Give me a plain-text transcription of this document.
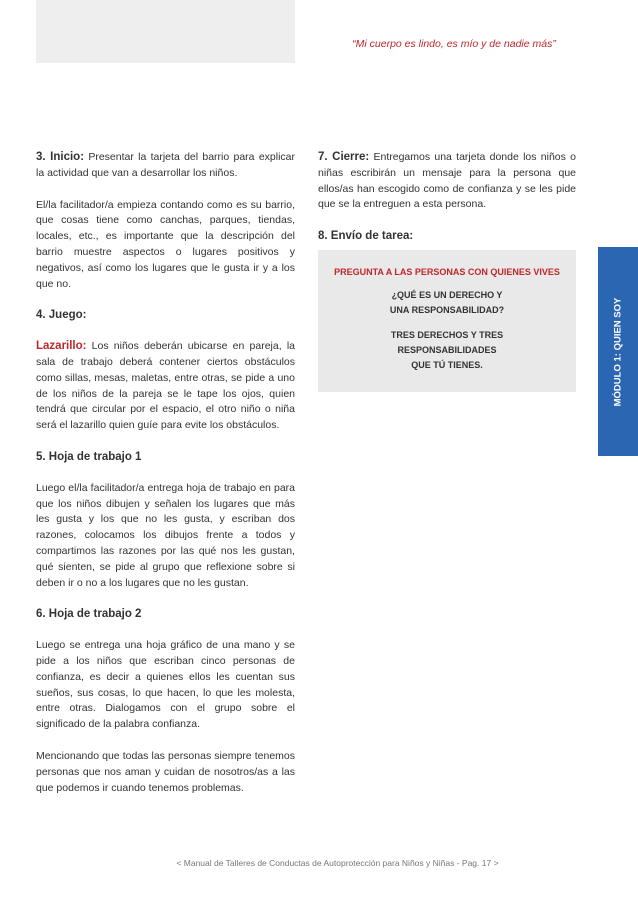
“Mi cuerpo es lindo, es mío y de nadie más”

3. Inicio: Presentar la tarjeta del barrio para explicar la actividad que van a desarrollar los niños.

El/la facilitador/a empieza contando como es su barrio, que cosas tiene como canchas, parques, tiendas, locales, etc., es importante que la descripción del barrio muestre aspectos o lugares positivos y negativos, así como los lugares que le gusta ir y a los que no.

4. Juego:

Lazarillo: Los niños deberán ubicarse en pareja, la sala de trabajo deberá contener ciertos obstáculos como sillas, mesas, maletas, entre otras, se pide a uno de los niños de la pareja se le tape los ojos, quien tendrá que circular por el espacio, el otro niño o niña será el lazarillo quien guíe para evite los obstáculos.

5. Hoja de trabajo 1

Luego el/la facilitador/a entrega hoja de trabajo en para que los niños dibujen y señalen los lugares que más les gusta y los que no les gusta, y escriban dos razones, colocamos los dibujos frente a todos y compartimos las razones por las qué nos les gustan, qué sienten, se pide al grupo que reflexione sobre si deben ir o no a los lugares que no les gustan.

6. Hoja de trabajo 2

Luego se entrega una hoja gráfico de una mano y se pide a los niños que escriban cinco personas de confianza, es decir a quienes ellos les cuentan sus sueños, sus cosas, lo que hacen, lo que les molesta, entre otras. Dialogamos con el grupo sobre el significado de la palabra confianza.

Mencionando que todas las personas siempre tenemos personas que nos aman y cuidan de nosotros/as a las que podemos ir cuando tenemos problemas.

7. Cierre: Entregamos una tarjeta donde los niños o niñas escribirán un mensaje para la persona que ellos/as han escogido como de confianza y se les pide que se la entreguen a esta persona.

8. Envío de tarea:
PREGUNTA A LAS PERSONAS CON QUIENES VIVES
¿QUÉ ES UN DERECHO Y
UNA RESPONSABILIDAD?
TRES DERECHOS Y TRES
RESPONSABILIDADES
QUE TÚ TIENES.	MÓDULO 1: QUIEN SOY
< Manual de Talleres de Conductas de Autoprotección para Niños y Niñas - Pag. 17 >
